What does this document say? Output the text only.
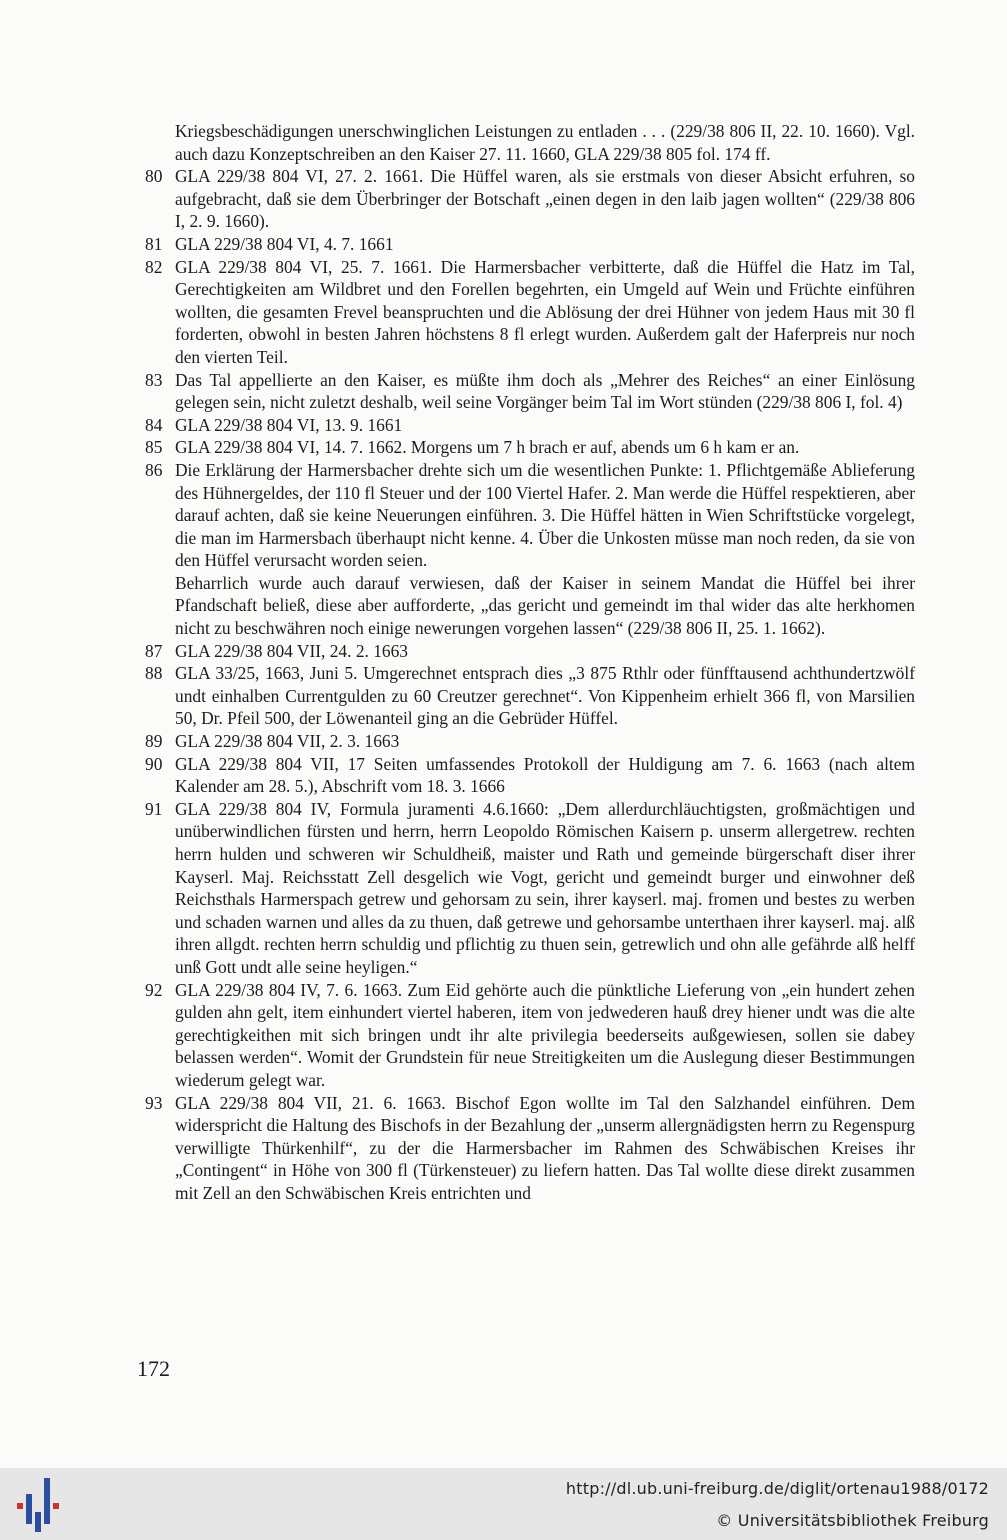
Kriegsbeschädigungen unerschwinglichen Leistungen zu entladen . . . (229/38 806 II, 22. 10. 1660). Vgl. auch dazu Konzeptschreiben an den Kaiser 27. 11. 1660, GLA 229/38 805 fol. 174 ff.

80 GLA 229/38 804 VI, 27. 2. 1661. Die Hüffel waren, als sie erstmals von dieser Absicht erfuhren, so aufgebracht, daß sie dem Überbringer der Botschaft „einen degen in den laib jagen wollten“ (229/38 806 I, 2. 9. 1660).

81 GLA 229/38 804 VI, 4. 7. 1661

82 GLA 229/38 804 VI, 25. 7. 1661. Die Harmersbacher verbitterte, daß die Hüffel die Hatz im Tal, Gerechtigkeiten am Wildbret und den Forellen begehrten, ein Umgeld auf Wein und Früchte einführen wollten, die gesamten Frevel beanspruchten und die Ablösung der drei Hühner von jedem Haus mit 30 fl forderten, obwohl in besten Jahren höchstens 8 fl erlegt wurden. Außerdem galt der Haferpreis nur noch den vierten Teil.

83 Das Tal appellierte an den Kaiser, es müßte ihm doch als „Mehrer des Reiches“ an einer Einlösung gelegen sein, nicht zuletzt deshalb, weil seine Vorgänger beim Tal im Wort stünden (229/38 806 I, fol. 4)

84 GLA 229/38 804 VI, 13. 9. 1661

85 GLA 229/38 804 VI, 14. 7. 1662. Morgens um 7 h brach er auf, abends um 6 h kam er an.

86 Die Erklärung der Harmersbacher drehte sich um die wesentlichen Punkte: 1. Pflichtgemäße Ablieferung des Hühnergeldes, der 110 fl Steuer und der 100 Viertel Hafer. 2. Man werde die Hüffel respektieren, aber darauf achten, daß sie keine Neuerungen einführen. 3. Die Hüffel hätten in Wien Schriftstücke vorgelegt, die man im Harmersbach überhaupt nicht kenne. 4. Über die Unkosten müsse man noch reden, da sie von den Hüffel verursacht worden seien.

Beharrlich wurde auch darauf verwiesen, daß der Kaiser in seinem Mandat die Hüffel bei ihrer Pfandschaft beließ, diese aber aufforderte, „das gericht und gemeindt im thal wider das alte herkhomen nicht zu beschwähren noch einige newerungen vorgehen lassen“ (229/38 806 II, 25. 1. 1662).

87 GLA 229/38 804 VII, 24. 2. 1663

88 GLA 33/25, 1663, Juni 5. Umgerechnet entsprach dies „3 875 Rthlr oder fünfftausend achthundertzwölf undt einhalben Currentgulden zu 60 Creutzer gerechnet“. Von Kippenheim erhielt 366 fl, von Marsilien 50, Dr. Pfeil 500, der Löwenanteil ging an die Gebrüder Hüffel.

89 GLA 229/38 804 VII, 2. 3. 1663

90 GLA 229/38 804 VII, 17 Seiten umfassendes Protokoll der Huldigung am 7. 6. 1663 (nach altem Kalender am 28. 5.), Abschrift vom 18. 3. 1666

91 GLA 229/38 804 IV, Formula juramenti 4.6.1660: „Dem allerdurchläuchtigsten, großmächtigen und unüberwindlichen fürsten und herrn, herrn Leopoldo Römischen Kaisern p. unserm allergetrew. rechten herrn hulden und schweren wir Schuldheiß, maister und Rath und gemeinde bürgerschaft diser ihrer Kayserl. Maj. Reichsstatt Zell desgelich wie Vogt, gericht und gemeindt burger und einwohner deß Reichsthals Harmerspach getrew und gehorsam zu sein, ihrer kayserl. maj. fromen und bestes zu werben und schaden warnen und alles da zu thuen, daß getrewe und gehorsambe unterthaen ihrer kayserl. maj. alß ihren allgdt. rechten herrn schuldig und pflichtig zu thuen sein, getrewlich und ohn alle gefährde alß helff unß Gott undt alle seine heyligen.“

92 GLA 229/38 804 IV, 7. 6. 1663. Zum Eid gehörte auch die pünktliche Lieferung von „ein hundert zehen gulden ahn gelt, item einhundert viertel haberen, item von jedwederen hauß drey hiener undt was die alte gerechtigkeithen mit sich bringen undt ihr alte privilegia beederseits außgewiesen, sollen sie dabey belassen werden“. Womit der Grundstein für neue Streitigkeiten um die Auslegung dieser Bestimmungen wiederum gelegt war.

93 GLA 229/38 804 VII, 21. 6. 1663. Bischof Egon wollte im Tal den Salzhandel einführen. Dem widerspricht die Haltung des Bischofs in der Bezahlung der „unserm allergnädigsten herrn zu Regenspurg verwilligte Thürkenhilf“, zu der die Harmersbacher im Rahmen des Schwäbischen Kreises ihr „Contingent“ in Höhe von 300 fl (Türkensteuer) zu liefern hatten. Das Tal wollte diese direkt zusammen mit Zell an den Schwäbischen Kreis entrichten und

172
http://dl.ub.uni-freiburg.de/diglit/ortenau1988/0172
© Universitätsbibliothek Freiburg
